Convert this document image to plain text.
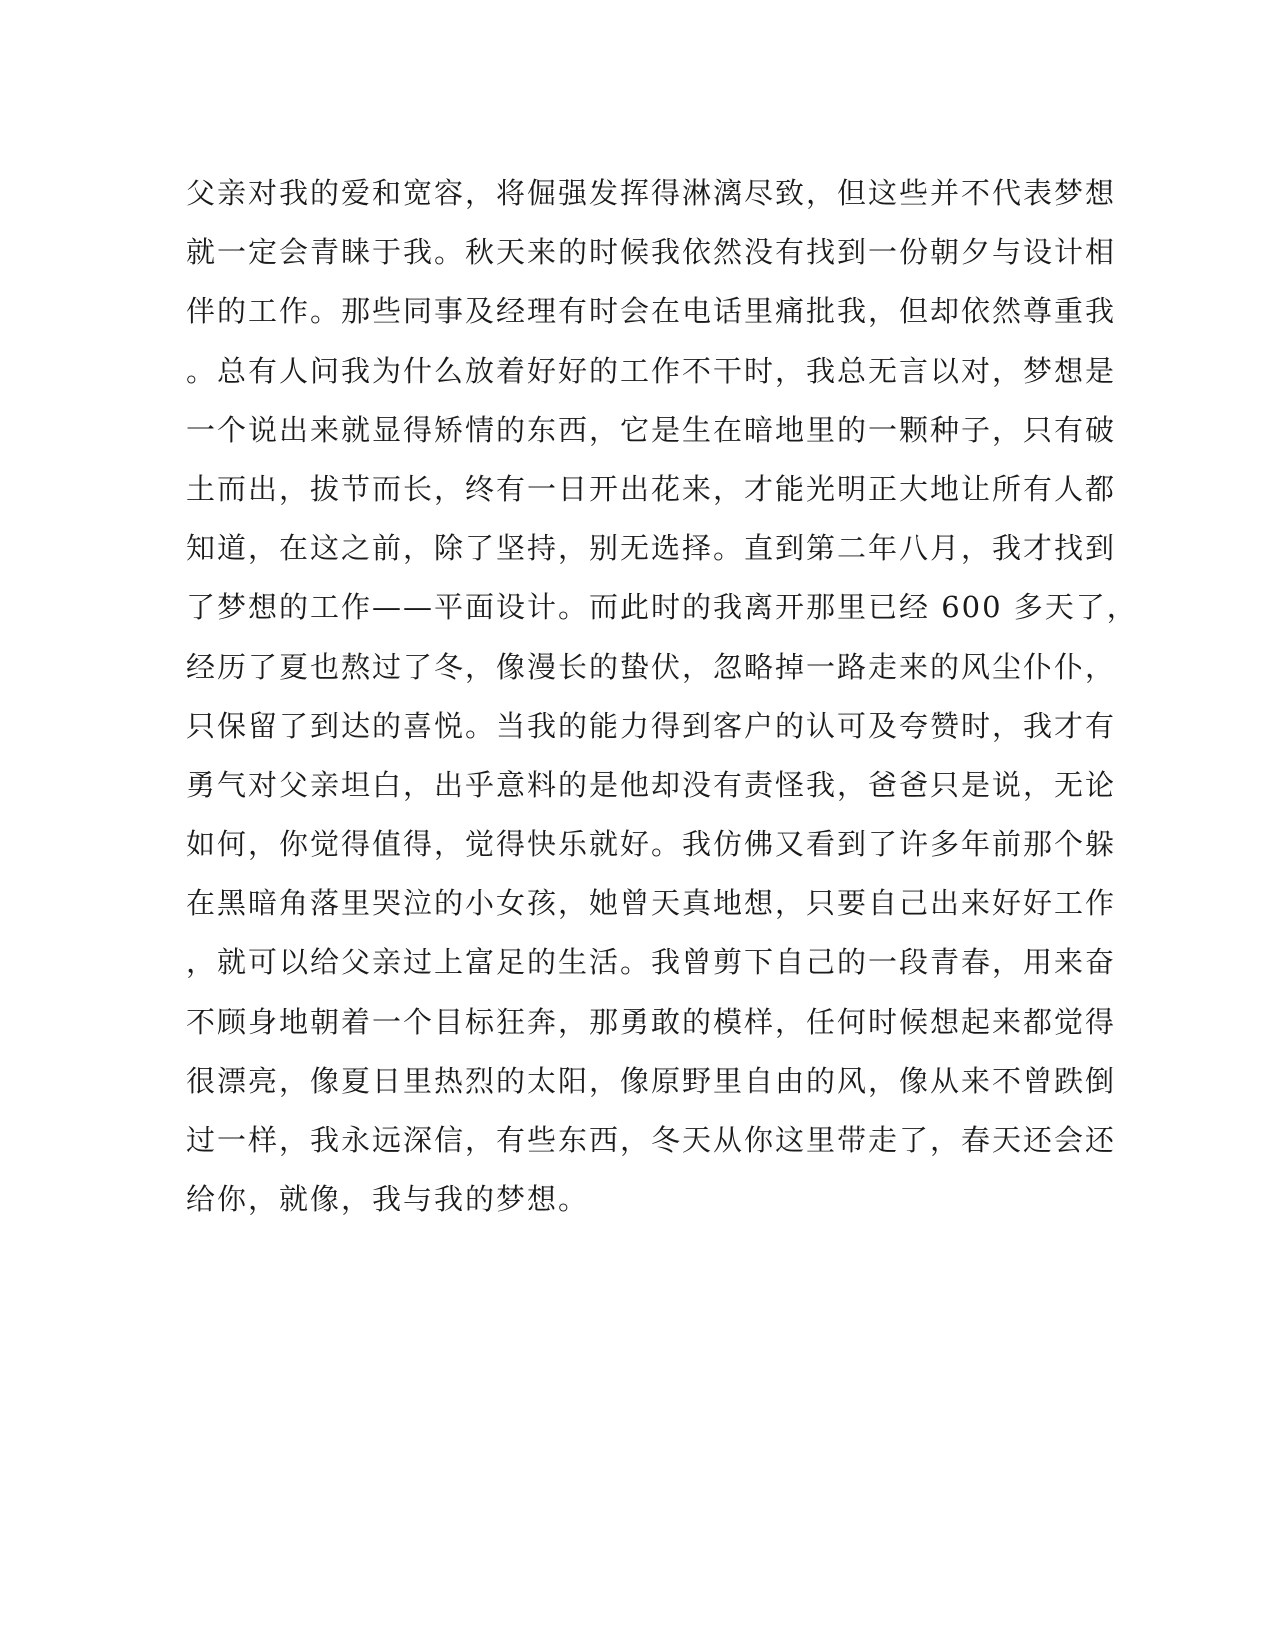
父亲对我的爱和宽容，将倔强发挥得淋漓尽致，但这些并不代表梦想
就一定会青睐于我。秋天来的时候我依然没有找到一份朝夕与设计相
伴的工作。那些同事及经理有时会在电话里痛批我，但却依然尊重我
。总有人问我为什么放着好好的工作不干时，我总无言以对，梦想是
一个说出来就显得矫情的东西，它是生在暗地里的一颗种子，只有破
土而出，拔节而长，终有一日开出花来，才能光明正大地让所有人都
知道，在这之前，除了坚持，别无选择。直到第二年八月，我才找到
了梦想的工作——平面设计。而此时的我离开那里已经 600 多天了，
经历了夏也熬过了冬，像漫长的蛰伏，忽略掉一路走来的风尘仆仆，
只保留了到达的喜悦。当我的能力得到客户的认可及夸赞时，我才有
勇气对父亲坦白，出乎意料的是他却没有责怪我，爸爸只是说，无论
如何，你觉得值得，觉得快乐就好。我仿佛又看到了许多年前那个躲
在黑暗角落里哭泣的小女孩，她曾天真地想，只要自己出来好好工作
，就可以给父亲过上富足的生活。我曾剪下自己的一段青春，用来奋
不顾身地朝着一个目标狂奔，那勇敢的模样，任何时候想起来都觉得
很漂亮，像夏日里热烈的太阳，像原野里自由的风，像从来不曾跌倒
过一样，我永远深信，有些东西，冬天从你这里带走了，春天还会还
给你，就像，我与我的梦想。
